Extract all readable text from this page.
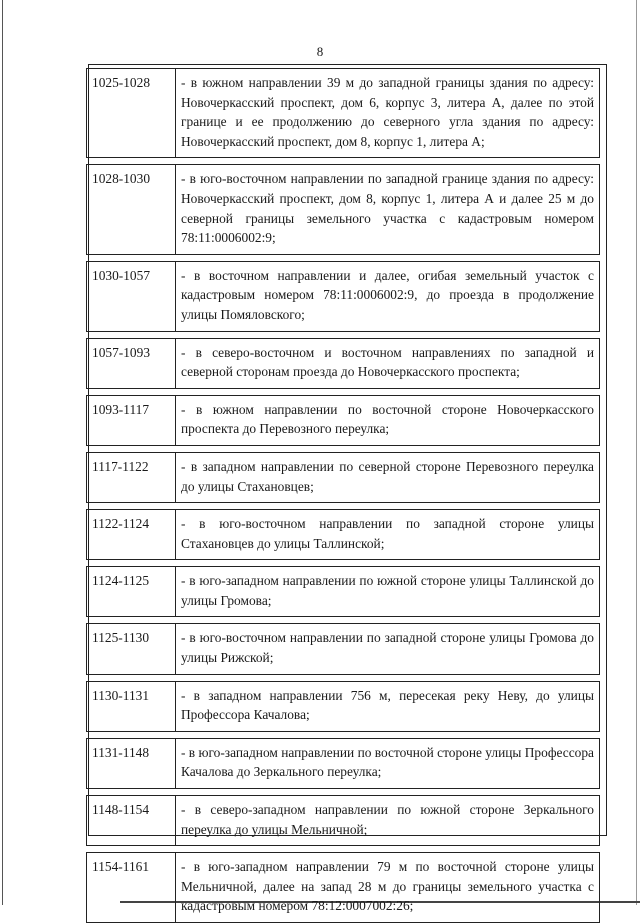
8
1025-1028	- в южном направлении 39 м до западной границы здания по адресу: Новочеркасский проспект, дом 6, корпус 3, литера А, далее по этой границе и ее продолжению до северного угла здания по адресу: Новочеркасский проспект, дом 8, корпус 1, литера А;

1028-1030	- в юго-восточном направлении по западной границе здания по адресу: Новочеркасский проспект, дом 8, корпус 1, литера А и далее 25 м до северной границы земельного участка с кадастровым номером 78:11:0006002:9;

1030-1057	- в восточном направлении и далее, огибая земельный участок с кадастровым номером 78:11:0006002:9, до проезда в продолжение улицы Помяловского;

1057-1093	- в северо-восточном и восточном направлениях по западной и северной сторонам проезда до Новочеркасского проспекта;

1093-1117	- в южном направлении по восточной стороне Новочеркасского проспекта до Перевозного переулка;

1117-1122	- в западном направлении по северной стороне Перевозного переулка до улицы Стахановцев;

1122-1124	- в юго-восточном направлении по западной стороне улицы Стахановцев до улицы Таллинской;

1124-1125	- в юго-западном направлении по южной стороне улицы Таллинской до улицы Громова;

1125-1130	- в юго-восточном направлении по западной стороне улицы Громова до улицы Рижской;

1130-1131	- в западном направлении 756 м, пересекая реку Неву, до улицы Профессора Качалова;

1131-1148	- в юго-западном направлении по восточной стороне улицы Профессора Качалова до Зеркального переулка;

1148-1154	- в северо-западном направлении по южной стороне Зеркального переулка до улицы Мельничной;

1154-1161	- в юго-западном направлении 79 м по восточной стороне улицы Мельничной, далее на запад 28 м до границы земельного участка с кадастровым номером 78:12:0007002:26;
